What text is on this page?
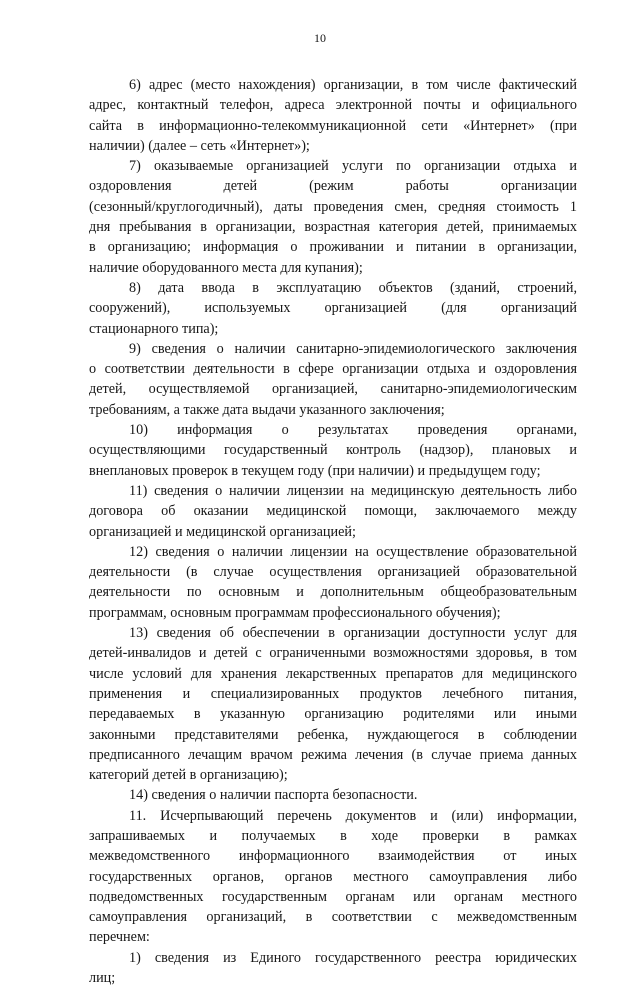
10
6) адрес (место нахождения) организации, в том числе фактический
адрес, контактный телефон, адреса электронной почты и официального
сайта в информационно-телекоммуникационной сети «Интернет» (при
наличии) (далее – сеть «Интернет»);
7) оказываемые организацией услуги по организации отдыха и
оздоровления детей (режим работы организации
(сезонный/круглогодичный), даты проведения смен, средняя стоимость 1
дня пребывания в организации, возрастная категория детей, принимаемых
в организацию; информация о проживании и питании в организации,
наличие оборудованного места для купания);
8) дата ввода в эксплуатацию объектов (зданий, строений,
сооружений), используемых организацией (для организаций
стационарного типа);
9) сведения о наличии санитарно-эпидемиологического заключения
о соответствии деятельности в сфере организации отдыха и оздоровления
детей, осуществляемой организацией, санитарно-эпидемиологическим
требованиям, а также дата выдачи указанного заключения;
10) информация о результатах проведения органами,
осуществляющими государственный контроль (надзор), плановых и
внеплановых проверок в текущем году (при наличии) и предыдущем году;
11) сведения о наличии лицензии на медицинскую деятельность либо
договора об оказании медицинской помощи, заключаемого между
организацией и медицинской организацией;
12) сведения о наличии лицензии на осуществление образовательной
деятельности (в случае осуществления организацией образовательной
деятельности по основным и дополнительным общеобразовательным
программам, основным программам профессионального обучения);
13) сведения об обеспечении в организации доступности услуг для
детей-инвалидов и детей с ограниченными возможностями здоровья, в том
числе условий для хранения лекарственных препаратов для медицинского
применения и специализированных продуктов лечебного питания,
передаваемых в указанную организацию родителями или иными
законными представителями ребенка, нуждающегося в соблюдении
предписанного лечащим врачом режима лечения (в случае приема данных
категорий детей в организацию);
14) сведения о наличии паспорта безопасности.
11. Исчерпывающий перечень документов и (или) информации,
запрашиваемых и получаемых в ходе проверки в рамках
межведомственного информационного взаимодействия от иных
государственных органов, органов местного самоуправления либо
подведомственных государственным органам или органам местного
самоуправления организаций, в соответствии с межведомственным
перечнем:
1) сведения из Единого государственного реестра юридических
лиц;
